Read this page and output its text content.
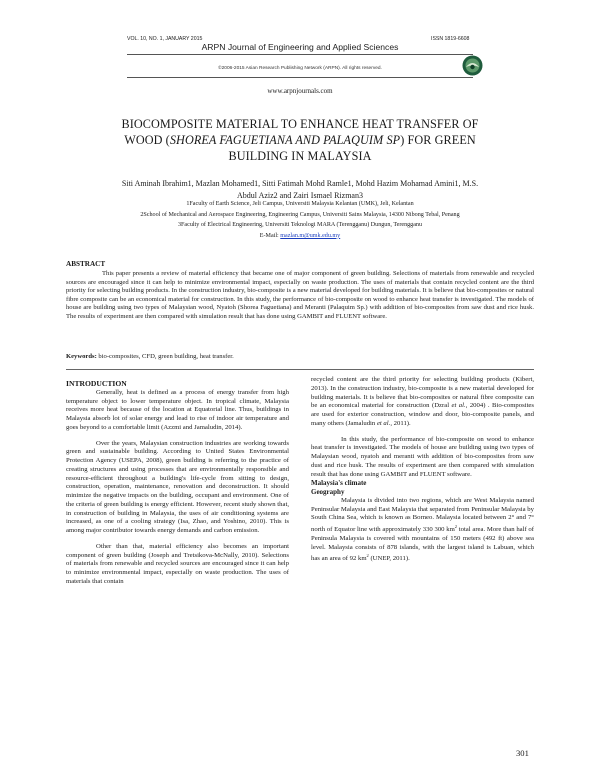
VOL. 10, NO. 1, JANUARY 2015	ISSN 1819-6608
ARPN Journal of Engineering and Applied Sciences
©2006-2015 Asian Research Publishing Network (ARPN). All rights reserved.
www.arpnjournals.com
BIOCOMPOSITE MATERIAL TO ENHANCE HEAT TRANSFER OF
WOOD (SHOREA FAGUETIANA AND PALAQUIM SP) FOR GREEN
BUILDING IN MALAYSIA
Siti Aminah Ibrahim1, Mazlan Mohamed1, Sitti Fatimah Mohd Ramle1, Mohd Hazim Mohamad Amini1, M.S.
Abdul Aziz2 and Zairi Ismael Rizman3
1Faculty of Earth Science, Jeli Campus, Universiti Malaysia Kelantan (UMK), Jeli, Kelantan
2School of Mechanical and Aerospace Engineering, Engineering Campus, Universiti Sains Malaysia, 14300 Nibong Tebal, Penang
3Faculty of Electrical Engineering, Universiti Teknologi MARA (Terengganu) Dungun, Terengganu
E-Mail: mazlan.m@umk.edu.my
ABSTRACT
This paper presents a review of material efficiency that became one of major component of green building. Selections of materials from renewable and recycled sources are encouraged since it can help to minimize environmental impact, especially on waste production. The uses of materials that contain recycled content are the third priority for selecting building products. In the construction industry, bio-composite is a new material developed for building materials. It is believe that bio-composites or natural fibre composite can be an economical material for construction. In this study, the performance of bio-composite on wood to enhance heat transfer is investigated. The models of house are building using two types of Malaysian wood, Nyatoh (Shorea Faguetiana) and Meranti (Palaquim Sp.) with addition of bio-composites from saw dust and rice husk. The results of experiment are then compared with simulation result that has done using GAMBIT and FLUENT software.
Keywords: bio-composites, CFD, green building, heat transfer.

INTRODUCTION

Generally, heat is defined as a process of energy transfer from high temperature object to lower temperature object. In tropical climate, Malaysia receives more heat because of the location at Equatorial line. Thus, buildings in Malaysia absorb lot of solar energy and lead to rise of indoor air temperature and goes beyond to a comfortable limit (Azzmi and Jamaludin, 2014).

Over the years, Malaysian construction industries are working towards green and sustainable building. According to United States Environmental Protection Agency (USEPA, 2008), green building is referring to the practice of creating structures and using processes that are environmentally responsible and resource-efficient throughout a building's life-cycle from sitting to design, construction, operation, maintenance, renovation and deconstruction. It should minimize the negative impacts on the building, occupant and environment. One of the criteria of green building is energy efficient. However, recent study shown that, in construction of building in Malaysia, the uses of air conditioning systems are increased, as one of a cooling strategy (Isa, Zhao, and Yoshino, 2010). This is among major contributor towards energy demands and carbon emission.

Other than that, material efficiency also becomes an important component of green building (Joseph and Tretsikova-McNally, 2010). Selections of materials from renewable and recycled sources are encouraged since it can help to minimize environmental impact, especially on waste production. The uses of materials that contain

recycled content are the third priority for selecting building products (Kibert, 2013). In the construction industry, bio-composite is a new material developed for building materials. It is believe that bio-composites or natural fibre composite can be an economical material for construction (Dzral et al., 2004) . Bio-composites are used for exterior construction, window and door, bio-composite panels, and many others (Jamaludin et al., 2011).

In this study, the performance of bio-composite on wood to enhance heat transfer is investigated. The models of house are building using two types of Malaysian wood, nyatoh and meranti with addition of bio-composites from saw dust and rice husk. The results of experiment are then compared with simulation result that has done using GAMBIT and FLUENT software.

Malaysia's climate

Geography

Malaysia is divided into two regions, which are West Malaysia named Peninsular Malaysia and East Malaysia that separated from Peninsular Malaysia by South China Sea, which is known as Borneo. Malaysia located between 2° and 7° north of Equator line with approximately 330 300 $km^2$ total area. More than half of Peninsula Malaysia is covered with mountains of 150 meters (492 ft) above sea level. Malaysia consists of 878 islands, with the largest island is Labuan, which has an area of 92 $km^2$ (UNEP, 2011).

301
